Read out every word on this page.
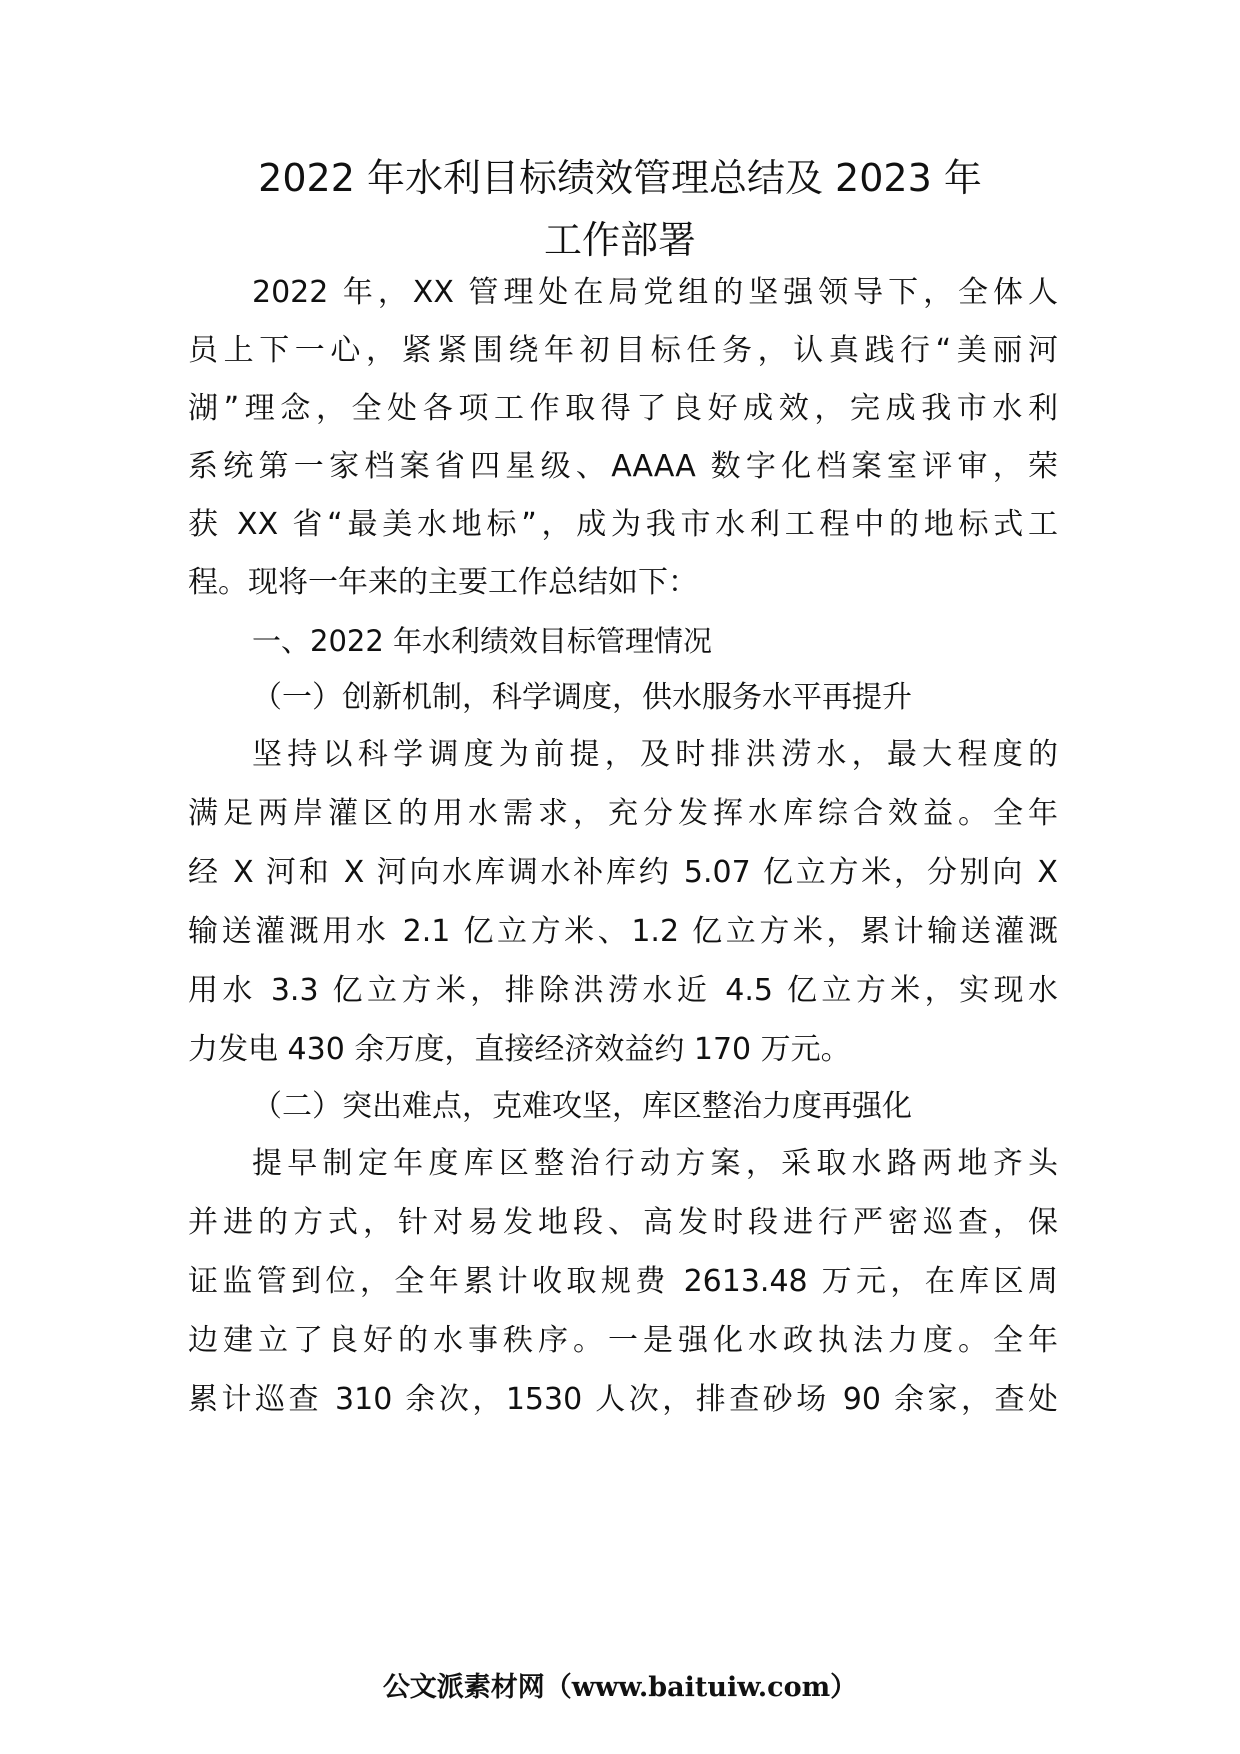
2022 年水利目标绩效管理总结及 2023 年
工作部署
2022 年，XX 管理处在局党组的坚强领导下，全体人
员上下一心，紧紧围绕年初目标任务，认真践行“美丽河
湖”理念，全处各项工作取得了良好成效，完成我市水利
系统第一家档案省四星级、AAAA 数字化档案室评审，荣
获 XX 省“最美水地标”，成为我市水利工程中的地标式工
程。现将一年来的主要工作总结如下：
一、2022 年水利绩效目标管理情况
（一）创新机制，科学调度，供水服务水平再提升
坚持以科学调度为前提，及时排洪涝水，最大程度的
满足两岸灌区的用水需求，充分发挥水库综合效益。全年
经 X 河和 X 河向水库调水补库约 5.07 亿立方米，分别向 X
输送灌溉用水 2.1 亿立方米、1.2 亿立方米，累计输送灌溉
用水 3.3 亿立方米，排除洪涝水近 4.5 亿立方米，实现水
力发电 430 余万度，直接经济效益约 170 万元。
（二）突出难点，克难攻坚，库区整治力度再强化
提早制定年度库区整治行动方案，采取水路两地齐头
并进的方式，针对易发地段、高发时段进行严密巡查，保
证监管到位，全年累计收取规费 2613.48 万元，在库区周
边建立了良好的水事秩序。一是强化水政执法力度。全年
累计巡查 310 余次，1530 人次，排查砂场 90 余家，查处
公文派素材网（www.baituiw.com）
